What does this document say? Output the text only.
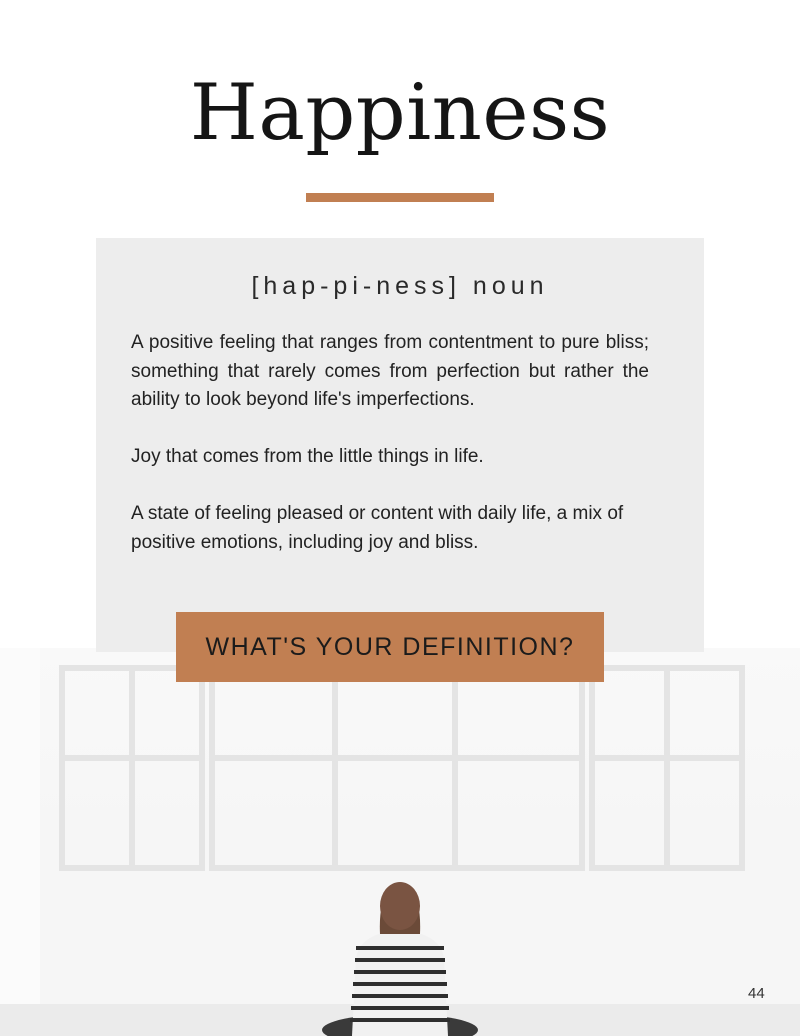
Happiness
[hap-pi-ness] noun

A positive feeling that ranges from contentment to pure bliss; something that rarely comes from perfection but rather the ability to look beyond life's imperfections.

Joy that comes from the little things in life.

A state of feeling pleased or content with daily life, a mix of positive emotions, including joy and bliss.

WHAT'S YOUR DEFINITION?
44
